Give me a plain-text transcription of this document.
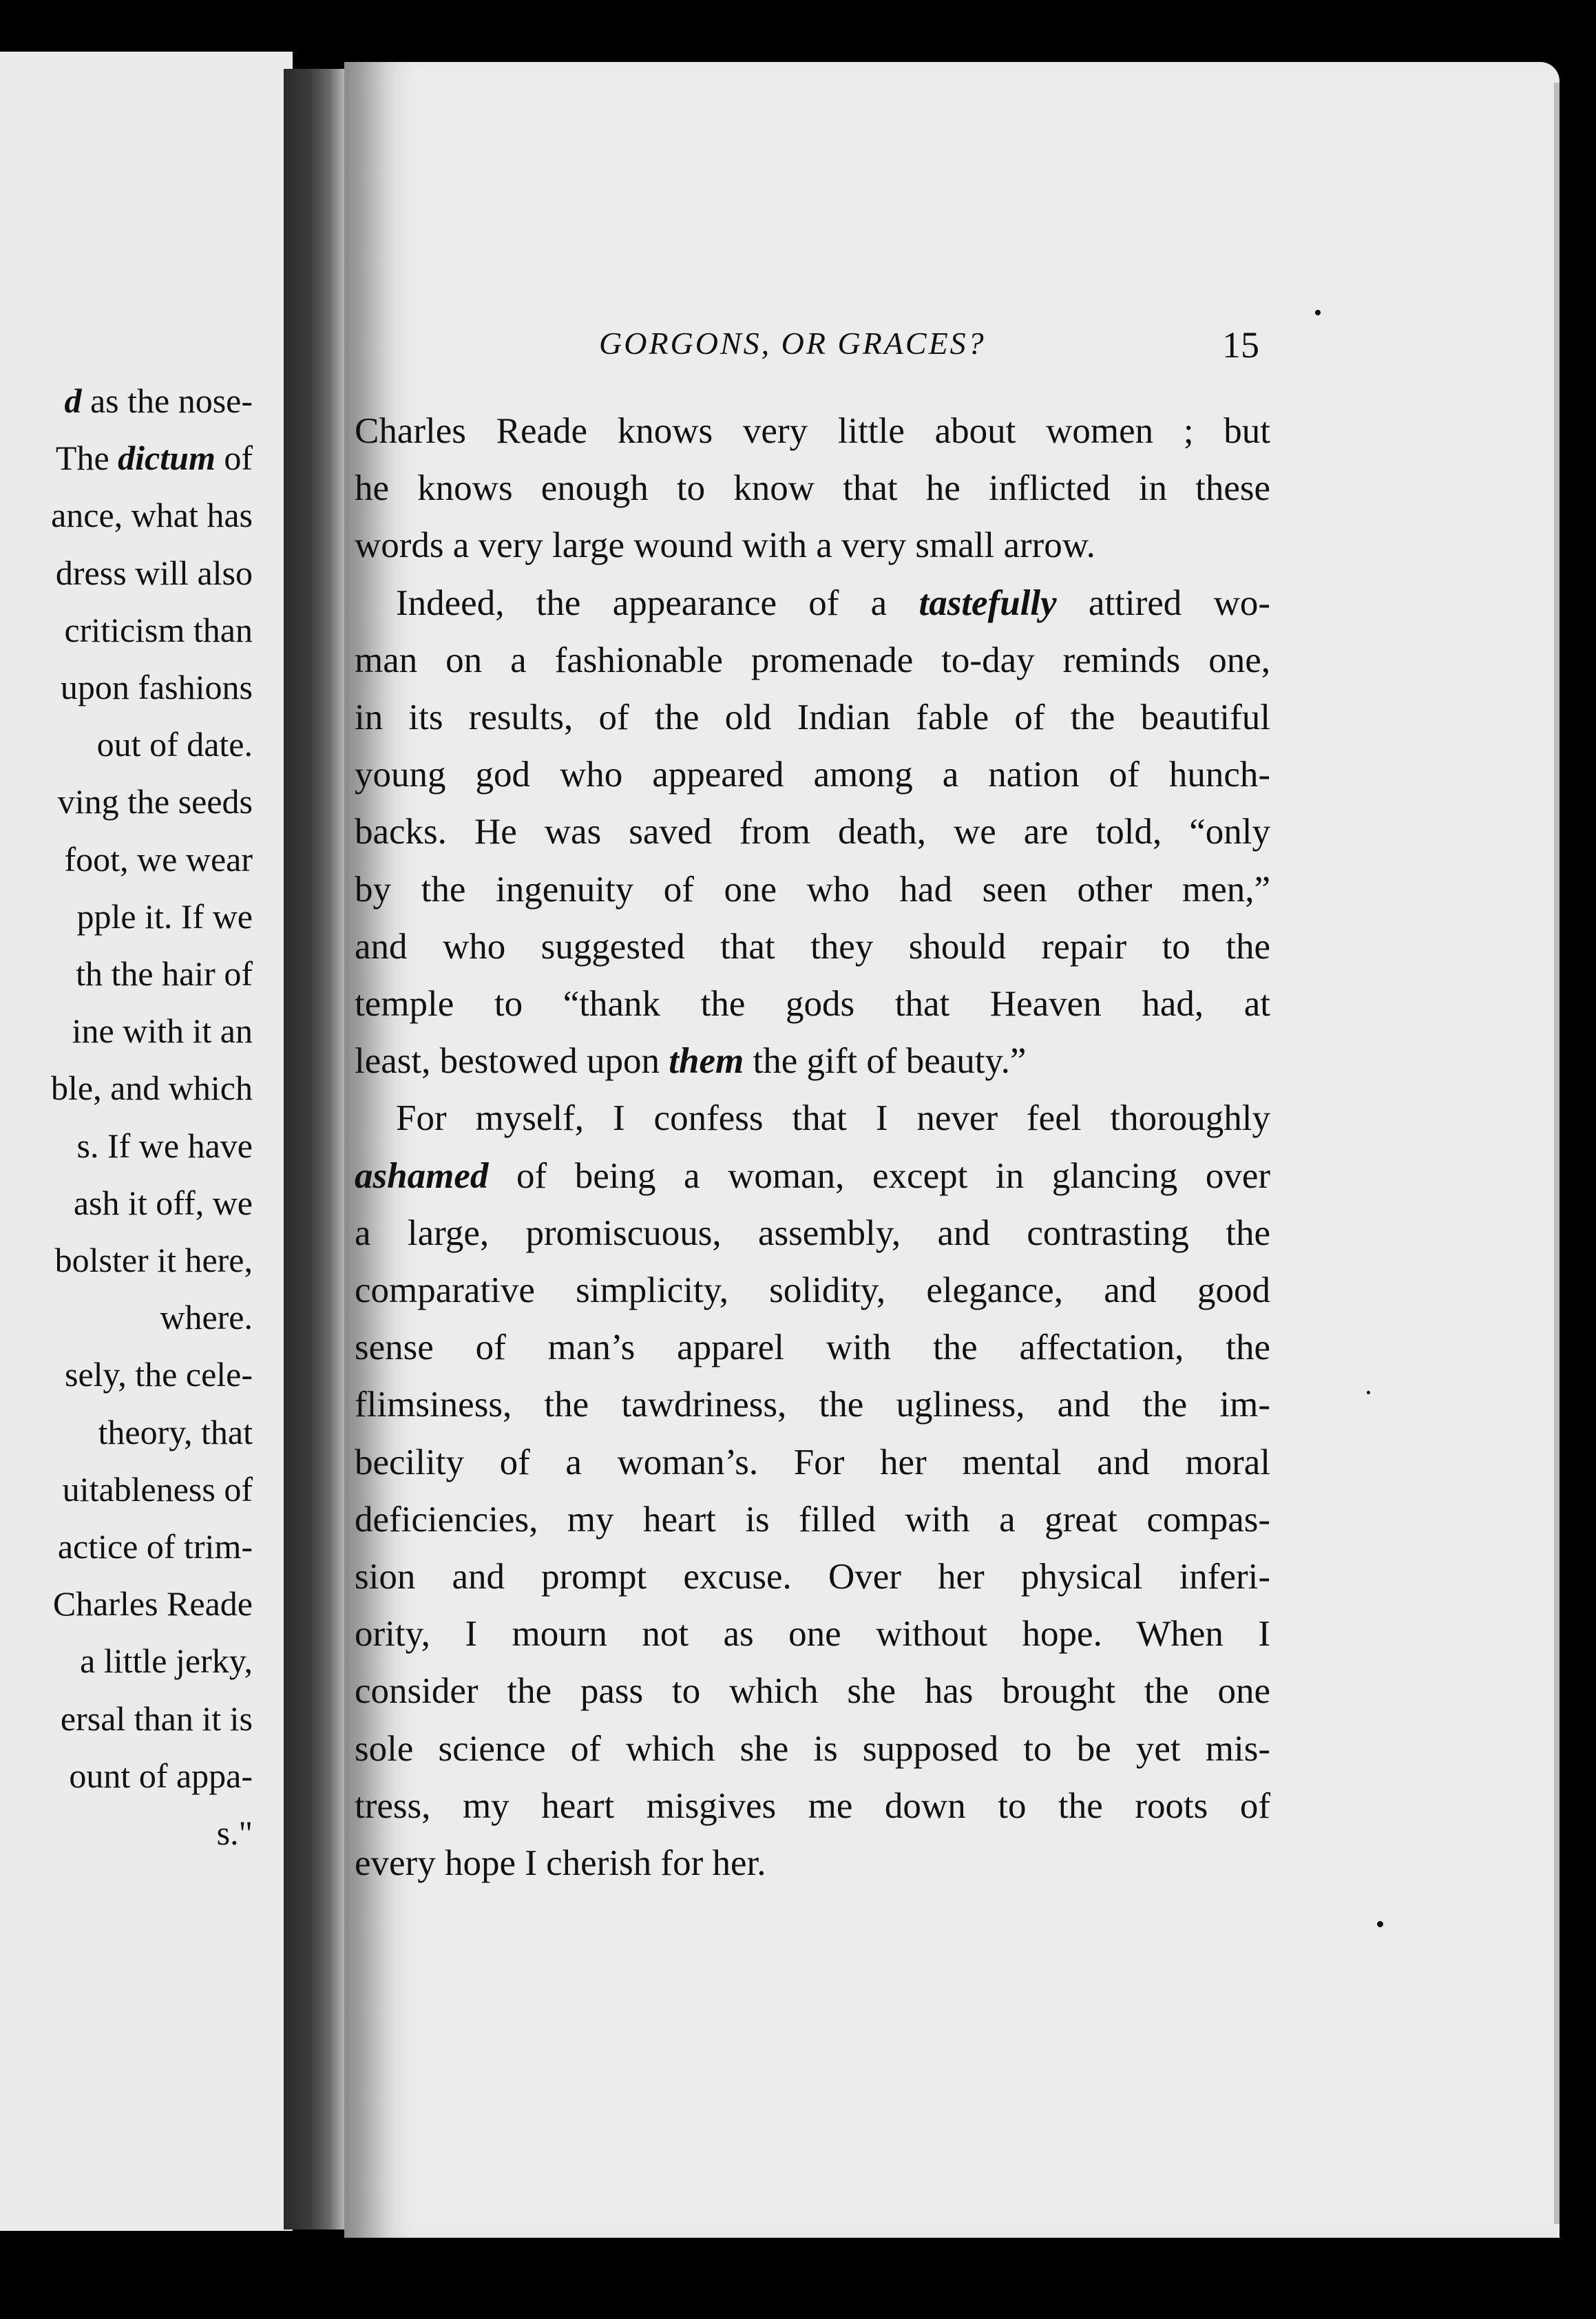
d as the nose-
The dictum of
ance, what has
dress will also
criticism than
upon fashions
out of date.
ving the seeds
foot, we wear
pple it. If we
th the hair of
ine with it an
ble, and which
s. If we have
ash it off, we
bolster it here,
where.
sely, the cele-
theory, that
uitableness of
actice of trim-
Charles Reade
a little jerky,
ersal than it is
ount of appa-
s."
GORGONS, OR GRACES?	15
Charles Reade knows very little about women ; but
he knows enough to know that he inflicted in these
words a very large wound with a very small arrow.
Indeed, the appearance of a tastefully attired wo-
man on a fashionable promenade to-day reminds one,
in its results, of the old Indian fable of the beautiful
young god who appeared among a nation of hunch-
backs. He was saved from death, we are told, “only
by the ingenuity of one who had seen other men,”
and who suggested that they should repair to the
temple to “thank the gods that Heaven had, at
least, bestowed upon them the gift of beauty.”
For myself, I confess that I never feel thoroughly
ashamed of being a woman, except in glancing over
a large, promiscuous, assembly, and contrasting the
comparative simplicity, solidity, elegance, and good
sense of man’s apparel with the affectation, the
flimsiness, the tawdriness, the ugliness, and the im-
becility of a woman’s. For her mental and moral
deficiencies, my heart is filled with a great compas-
sion and prompt excuse. Over her physical inferi-
ority, I mourn not as one without hope. When I
consider the pass to which she has brought the one
sole science of which she is supposed to be yet mis-
tress, my heart misgives me down to the roots of
every hope I cherish for her.
